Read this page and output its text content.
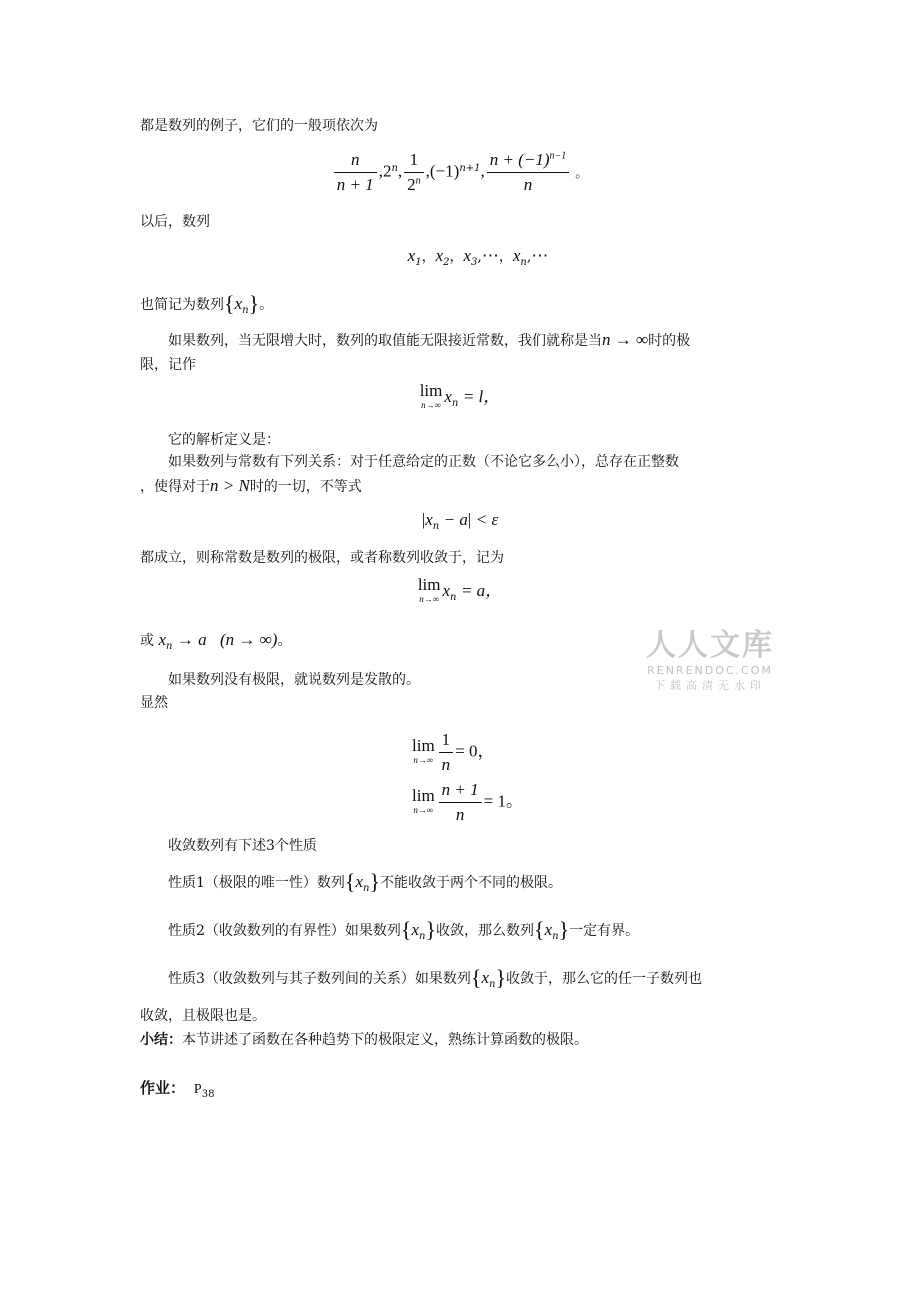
都是数列的例子，它们的一般项依次为
$\frac{n}{n + 1} ,2^n$, $\frac{1}{2^n} ,(-1)^{n+1}$, $\frac{n + (-1)^{n-1}}{n}$ 。
以后，数列
$x_1$，$x_2$，$x_3,\cdots$，$x_n,\cdots$
也简记为数列$\{x_n\}$。
如果数列，当无限增大时，数列的取值能无限接近常数，我们就称是当n → ∞时的极
限，记作
lim
n→∞ $x_n = l$，
它的解析定义是：
如果数列与常数有下列关系：对于任意给定的正数（不论它多么小），总存在正整数
，使得对于n > N时的一切，不等式
$|x_n - a| < \varepsilon$
都成立，则称常数是数列的极限，或者称数列收敛于，记为
lim
n→∞ $x_n = a$，
或 $x_n \to a$ (n → ∞)。
如果数列没有极限，就说数列是发散的。
显然
lim
$n\to\infty \frac{1}{n} = 0$，
lim
$n\to\infty \frac{n + 1}{n} = 1$。
收敛数列有下述3个性质
性质1（极限的唯一性）数列$\{x_n\}$不能收敛于两个不同的极限。
性质2（收敛数列的有界性）如果数列$\{x_n\}$收敛，那么数列$\{x_n\}$一定有界。
性质3（收敛数列与其子数列间的关系）如果数列$\{x_n\}$收敛于，那么它的任一子数列也
收敛，且极限也是。
小结：本节讲述了函数在各种趋势下的极限定义，熟练计算函数的极限。
作业： $P_{38}$
人人文库
RENRENDOC.COM
下载高清无水印
